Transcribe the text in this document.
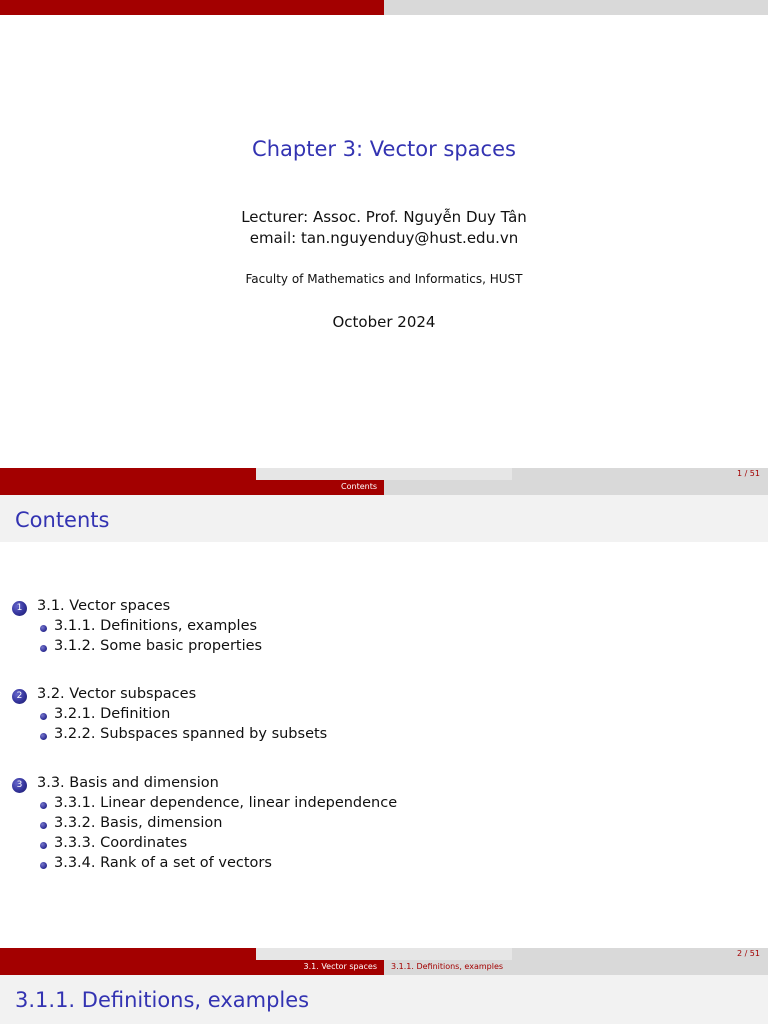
Chapter 3: Vector spaces
Lecturer: Assoc. Prof. Nguyễn Duy Tân
email: tan.nguyenduy@hust.edu.vn
Faculty of Mathematics and Informatics, HUST
October 2024
1 / 51
Contents
Contents
1	3.1. Vector spaces
3.1.1. Definitions, examples
3.1.2. Some basic properties
2	3.2. Vector subspaces
3.2.1. Definition
3.2.2. Subspaces spanned by subsets
3	3.3. Basis and dimension
3.3.1. Linear dependence, linear independence
3.3.2. Basis, dimension
3.3.3. Coordinates
3.3.4. Rank of a set of vectors
2 / 51
3.1. Vector spaces	3.1.1. Definitions, examples
3.1.1. Definitions, examples
